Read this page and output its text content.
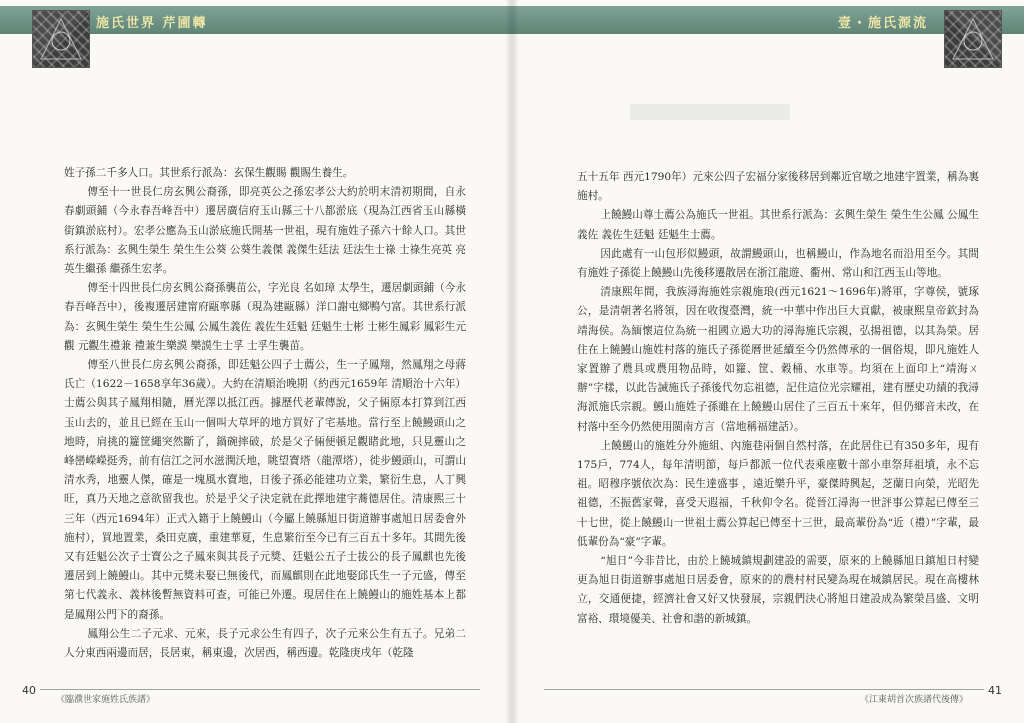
施氏世界 芹圃轉

姓子孫二千多人口。其世系行派為：玄保生觀賜 觀賜生養生。

傳至十一世長仁房玄興公裔孫，即亮英公之孫宏孝公大約於明末清初期間，自永春劇頭鋪（今永春吾峰吾中）遷居廣信府玉山縣三十八都淤底（現為江西省玉山縣橫街鎮淤底村）。宏孝公應為玉山淤底施氏開基一世祖，現有施姓子孫六十餘人口。其世系行派為：玄興生榮生 榮生生公葵 公葵生義傑 義傑生廷法 廷法生士祿 士祿生亮英 亮英生繼孫 繼孫生宏孝。

傳至十四世長仁房玄興公裔孫襲苗公，字光良 名如璋 太學生，遷居劇頭鋪（今永春吾峰吾中），後複遷居建甯府甌寧縣（現為建甌縣）洋口謝屯鄉鴨勺富。其世系行派為：玄興生榮生 榮生生公鳳 公鳳生義佐 義佐生廷魁 廷魁生士彬 士彬生鳳彩 鳳彩生元觀 元觀生禮兼 禮兼生樂謨 樂謨生士孚 士孚生襲苗。

傳至八世長仁房玄興公裔孫，即廷魁公四子士薦公，生一子鳳翔，然鳳翔之母蔣氏亡（1622－1658享年36歲）。大約在清順治晚期（約西元1659年 清順治十六年）士薦公與其子鳳翔相隨，曆光澤以抵江西。據歷代老輩傳說，父子倆原本打算到江西玉山去的，並且已經在玉山一個叫大草坪的地方買好了宅基地。當行至上饒鰻頭山之地時，肩挑的籮筐繩突然斷了，鍋碗摔破，於是父子倆便頓足觀睹此地，只見靈山之峰巒嶸嶸挺秀，前有信江之河水滋潤沃地，眺望寶塔（龍潭塔），徙步鰻頭山，可謂山清水秀，地靈人傑，確是一塊風水寶地，日後子孫必能建功立業，繁衍生息，人丁興旺，真乃天地之意欲留我也。於是乎父子決定就在此擇地建宇蕎德居住。清康熙三十三年（西元1694年）正式入籍于上饒鰻山（今屬上饒縣旭日街道辦事處旭日居委會外施村），買地置業，桑田克廣，重建華夏，生息繁衍至今已有三百五十多年。其間先後又有廷魁公次子士寶公之子鳳來與其長子元獎、廷魁公五子士拔公的長子鳳麒也先後遷居到上饒鰻山。其中元獎未娶已無後代，而鳳麒則在此地娶邱氏生一子元盛，傳至第七代義永、義林後暫無資料可查，可能已外遷。現居住在上饒鰻山的施姓基本上都是鳳翔公門下的裔孫。

鳳翔公生二子元求、元來，長子元求公生有四子，次子元來公生有五子。兄弟二人分東西兩邊而居，長居東，稱東邊，次居西，稱西邊。乾隆庚戌年（乾隆

40
《臨濮世家施姓氏族譜》
壹・施氏源流

五十五年 西元1790年）元來公四子宏福分家後移居到鄰近官墩之地建宇置業，稱為裏施村。

上饒鰻山尊士薦公為施氏一世祖。其世系行派為：玄興生榮生 榮生生公鳳 公鳳生義佐 義佐生廷魁 廷魁生士薦。

因此處有一山包形似鰻頭，故謂鰻頭山，也稱鰻山，作為地名而沿用至今。其間有施姓子孫從上饒鰻山先後移遷散居在浙江龍遊、衢州、常山和江西玉山等地。

清康熙年間，我族潯海施姓宗親施琅(西元1621～1696年)將軍，字尊侯，號琢公，是清朝著名將領，因在收復臺灣，統一中華中作出巨大貢獻，被康熙皇帝欽封為靖海侯。為緬懷這位為統一祖國立過大功的潯海施氏宗親，弘揚祖德，以其為榮。居住在上饒鰻山施姓村落的施氏子孫從曆世延續至今仍然傳承的一個俗規，即凡施姓人家置辦了農具或農用物品時，如籮、筐、穀桶、水車等。均須在上面印上“靖海ㄨ辦”字樣，以此告誡施氏子孫後代勿忘祖德，記住這位光宗耀祖，建有歷史功績的我潯海派施氏宗親。鰻山施姓子孫雖在上饒鰻山居住了三百五十來年，但仍鄉音未改，在村落中至今仍然使用閩南方言（當地稱福建話）。

上饒鰻山的施姓分外施組、內施巷兩個自然村落，在此居住已有350多年，現有175戶，774人，每年清明節，每戶都派一位代表乘座數十部小車祭拜祖墳，永不忘祖。昭穆序號依次為：民生達盛事 ，遠近樂升平，豪傑時興起，芝蘭日向榮，光昭先祖德，丕振舊家聲，喜受天遐福，千秋仰令名。從晉江潯海一世評事公算起已傳至三十七世，從上饒鰻山一世祖士薦公算起已傳至十三世，最高輩份為“近（禮）”字輩，最低輩份為“豪”字輩。

“旭日”今非昔比，由於上饒城鎮規劃建設的需要，原來的上饒縣旭日鎮旭日村變更為旭日街道辦事處旭日居委會，原來的的農村村民變為現在城鎮居民。現在高樓林立，交通便捷，經濟社會又好又快發展，宗親們決心將旭日建設成為繁榮昌盛、文明富裕、環境優美、社會和諧的新城鎮。

41
《江東胡首次族譜代後傳》
